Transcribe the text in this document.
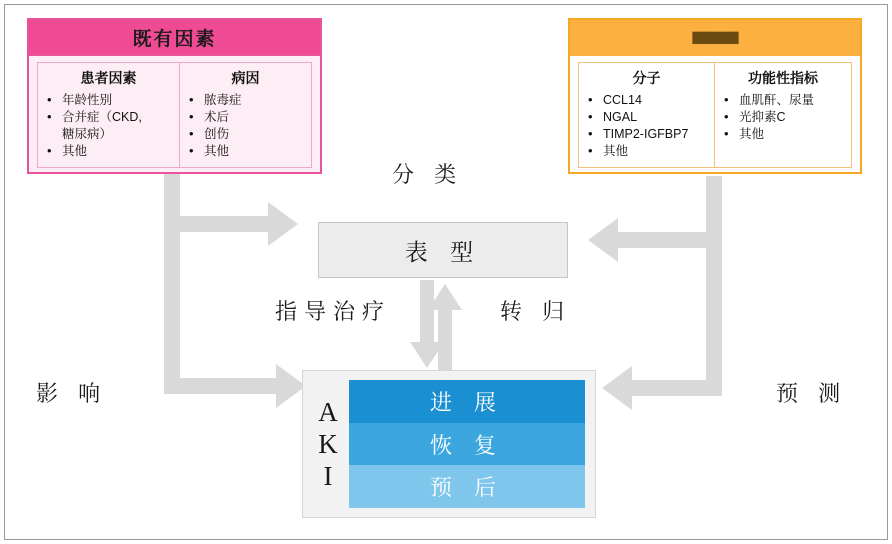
既有因素
患者因素
• 年龄性别
• 合并症（CKD,
糖尿病）
• 其他
病因
• 脓毒症
• 术后
• 创伤
• 其他
█████
分子
• CCL14
• NGAL
• TIMP2-IGFBP7
• 其他
功能性指标
• 血肌酐、尿量
• 光抑素C
• 其他
分 类
指导治疗	转 归
影 响	预 测
表 型
A
K
I
进 展
恢 复
预 后
